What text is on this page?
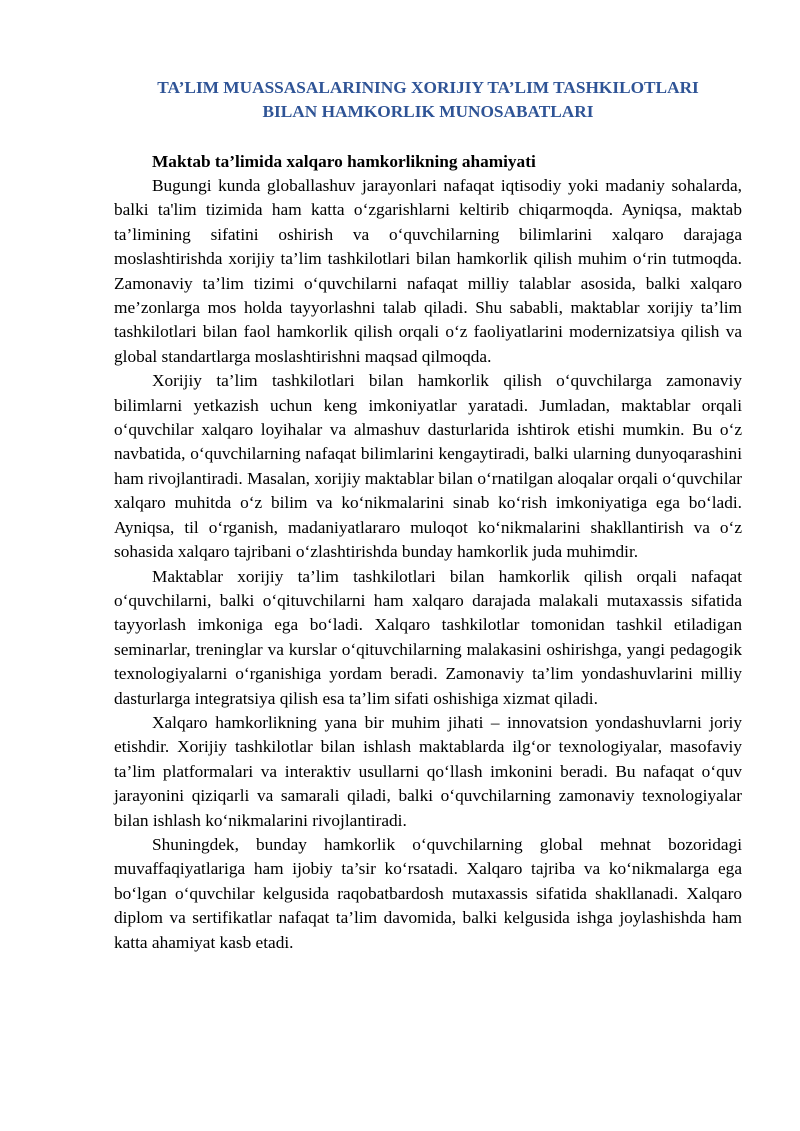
TA’LIM MUASSASALARINING XORIJIY TA’LIM TASHKILOTLARI
BILAN HAMKORLIK MUNOSABATLARI
Maktab ta’limida xalqaro hamkorlikning ahamiyati

Bugungi kunda globallashuv jarayonlari nafaqat iqtisodiy yoki madaniy sohalarda, balki ta'lim tizimida ham katta o‘zgarishlarni keltirib chiqarmoqda. Ayniqsa, maktab ta’limining sifatini oshirish va o‘quvchilarning bilimlarini xalqaro darajaga moslashtirishda xorijiy ta’lim tashkilotlari bilan hamkorlik qilish muhim o‘rin tutmoqda. Zamonaviy ta’lim tizimi o‘quvchilarni nafaqat milliy talablar asosida, balki xalqaro me’zonlarga mos holda tayyorlashni talab qiladi. Shu sababli, maktablar xorijiy ta’lim tashkilotlari bilan faol hamkorlik qilish orqali o‘z faoliyatlarini modernizatsiya qilish va global standartlarga moslashtirishni maqsad qilmoqda.

Xorijiy ta’lim tashkilotlari bilan hamkorlik qilish o‘quvchilarga zamonaviy bilimlarni yetkazish uchun keng imkoniyatlar yaratadi. Jumladan, maktablar orqali o‘quvchilar xalqaro loyihalar va almashuv dasturlarida ishtirok etishi mumkin. Bu o‘z navbatida, o‘quvchilarning nafaqat bilimlarini kengaytiradi, balki ularning dunyoqarashini ham rivojlantiradi. Masalan, xorijiy maktablar bilan o‘rnatilgan aloqalar orqali o‘quvchilar xalqaro muhitda o‘z bilim va ko‘nikmalarini sinab ko‘rish imkoniyatiga ega bo‘ladi. Ayniqsa, til o‘rganish, madaniyatlararo muloqot ko‘nikmalarini shakllantirish va o‘z sohasida xalqaro tajribani o‘zlashtirishda bunday hamkorlik juda muhimdir.

Maktablar xorijiy ta’lim tashkilotlari bilan hamkorlik qilish orqali nafaqat o‘quvchilarni, balki o‘qituvchilarni ham xalqaro darajada malakali mutaxassis sifatida tayyorlash imkoniga ega bo‘ladi. Xalqaro tashkilotlar tomonidan tashkil etiladigan seminarlar, treninglar va kurslar o‘qituvchilarning malakasini oshirishga, yangi pedagogik texnologiyalarni o‘rganishiga yordam beradi. Zamonaviy ta’lim yondashuvlarini milliy dasturlarga integratsiya qilish esa ta’lim sifati oshishiga xizmat qiladi.

Xalqaro hamkorlikning yana bir muhim jihati – innovatsion yondashuvlarni joriy etishdir. Xorijiy tashkilotlar bilan ishlash maktablarda ilg‘or texnologiyalar, masofaviy ta’lim platformalari va interaktiv usullarni qo‘llash imkonini beradi. Bu nafaqat o‘quv jarayonini qiziqarli va samarali qiladi, balki o‘quvchilarning zamonaviy texnologiyalar bilan ishlash ko‘nikmalarini rivojlantiradi.

Shuningdek, bunday hamkorlik o‘quvchilarning global mehnat bozoridagi muvaffaqiyatlariga ham ijobiy ta’sir ko‘rsatadi. Xalqaro tajriba va ko‘nikmalarga ega bo‘lgan o‘quvchilar kelgusida raqobatbardosh mutaxassis sifatida shakllanadi. Xalqaro diplom va sertifikatlar nafaqat ta’lim davomida, balki kelgusida ishga joylashishda ham katta ahamiyat kasb etadi.
